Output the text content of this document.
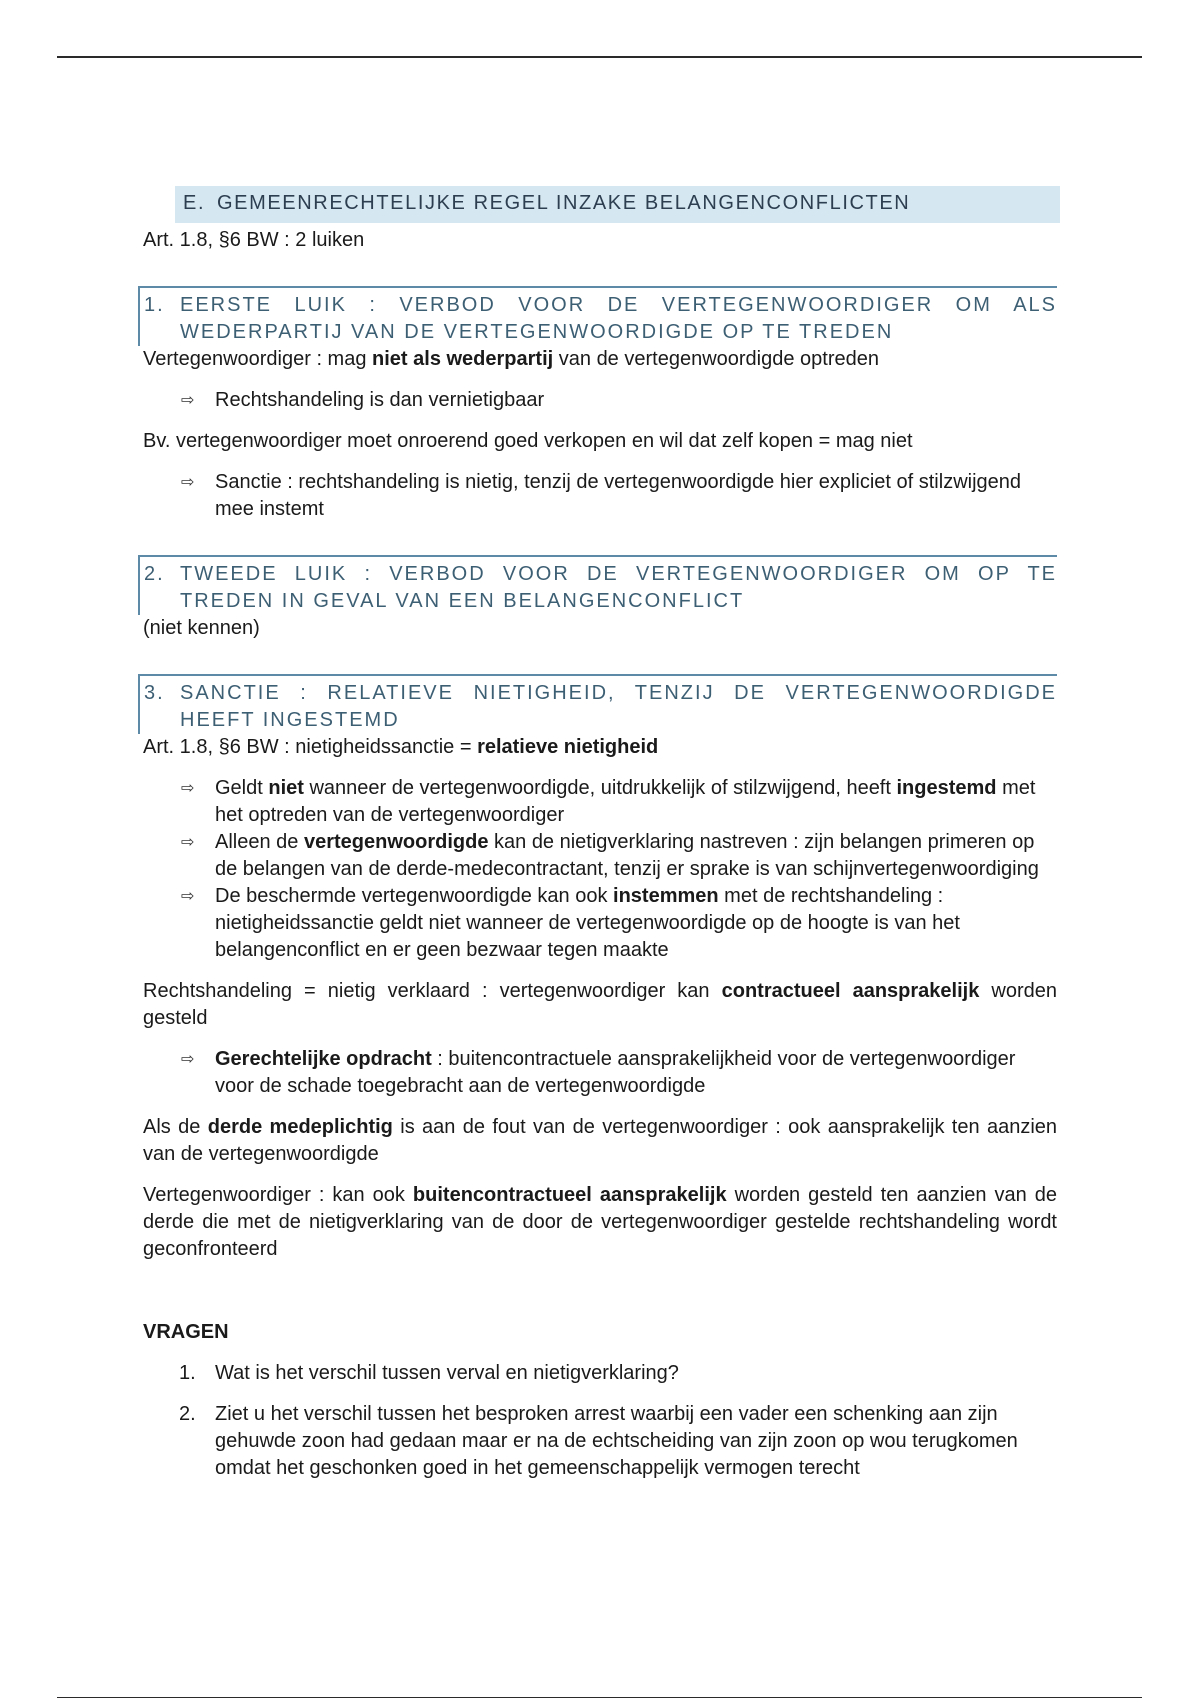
E. GEMEENRECHTELIJKE REGEL INZAKE BELANGENCONFLICTEN

Art. 1.8, §6 BW : 2 luiken

1. EERSTE LUIK : VERBOD VOOR DE VERTEGENWOORDIGER OM ALS WEDERPARTIJ VAN DE VERTEGENWOORDIGDE OP TE TREDEN

Vertegenwoordiger : mag niet als wederpartij van de vertegenwoordigde optreden

⇨	Rechtshandeling is dan vernietigbaar

Bv. vertegenwoordiger moet onroerend goed verkopen en wil dat zelf kopen = mag niet

⇨	Sanctie : rechtshandeling is nietig, tenzij de vertegenwoordigde hier expliciet of stilzwijgend mee instemt
2. TWEEDE LUIK : VERBOD VOOR DE VERTEGENWOORDIGER OM OP TE TREDEN IN GEVAL VAN EEN BELANGENCONFLICT

(niet kennen)

3. SANCTIE : RELATIEVE NIETIGHEID, TENZIJ DE VERTEGENWOORDIGDE HEEFT INGESTEMD

Art. 1.8, §6 BW : nietigheidssanctie = relatieve nietigheid

⇨	Geldt niet wanneer de vertegenwoordigde, uitdrukkelijk of stilzwijgend, heeft ingestemd met het optreden van de vertegenwoordiger
⇨	Alleen de vertegenwoordigde kan de nietigverklaring nastreven : zijn belangen primeren op de belangen van de derde-medecontractant, tenzij er sprake is van schijnvertegenwoordiging
⇨	De beschermde vertegenwoordigde kan ook instemmen met de rechtshandeling : nietigheidssanctie geldt niet wanneer de vertegenwoordigde op de hoogte is van het belangenconflict en er geen bezwaar tegen maakte

Rechtshandeling = nietig verklaard : vertegenwoordiger kan contractueel aansprakelijk worden gesteld

⇨	Gerechtelijke opdracht : buitencontractuele aansprakelijkheid voor de vertegenwoordiger voor de schade toegebracht aan de vertegenwoordigde

Als de derde medeplichtig is aan de fout van de vertegenwoordiger : ook aansprakelijk ten aanzien van de vertegenwoordigde

Vertegenwoordiger : kan ook buitencontractueel aansprakelijk worden gesteld ten aanzien van de derde die met de nietigverklaring van de door de vertegenwoordiger gestelde rechtshandeling wordt geconfronteerd

VRAGEN

1. Wat is het verschil tussen verval en nietigverklaring?
2. Ziet u het verschil tussen het besproken arrest waarbij een vader een schenking aan zijn gehuwde zoon had gedaan maar er na de echtscheiding van zijn zoon op wou terugkomen omdat het geschonken goed in het gemeenschappelijk vermogen terecht
